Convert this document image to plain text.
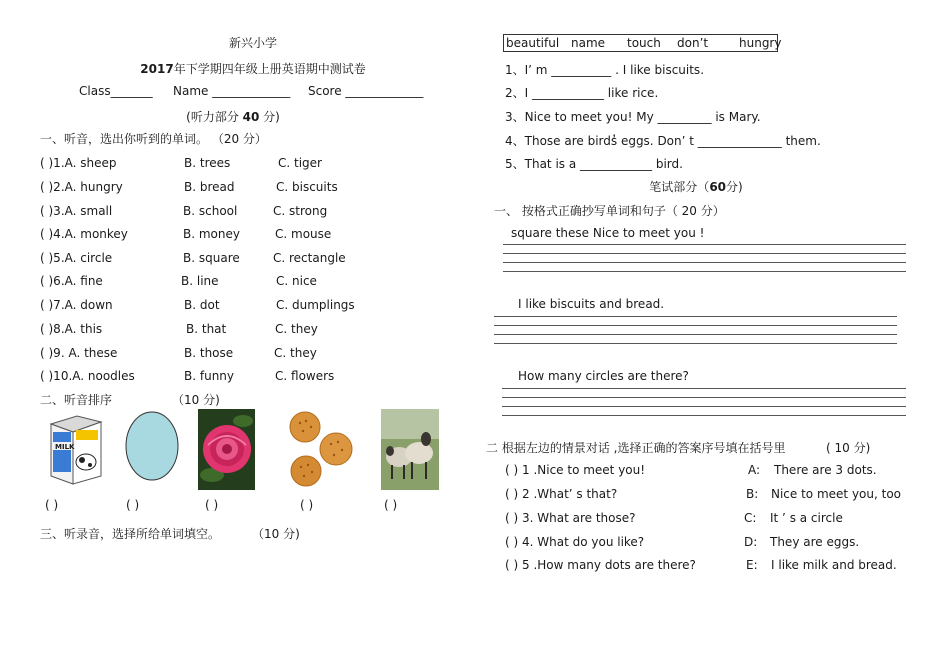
新兴小学
2017年下学期四年级上册英语期中测试卷
Class_______ Name _____________ Score _____________
(听力部分 40 分)
一、听音，选出你听到的单词。 （20 分）
( )1.A. sheep	B. trees	C. tiger
( )2.A. hungry	B. bread	C. biscuits
( )3.A. small	B. school	C. strong
( )4.A. monkey	B. money	C. mouse
( )5.A. circle	B. square	C. rectangle
( )6.A. fine	B. line	C. nice
( )7.A. down	B. dot	C. dumplings
( )8.A. this	B. that	C. they
( )9. A. these	B. those	C. they
( )10.A. noodles	B. funny	C. flowers
二、听音排序	（10 分)
MILK
( )	( )	( )	( )	( )
三、听录音，选择所给单词填空。	（10 分)
beautiful name touch don’t	hungry
1、I’ m __________ . I like biscuits.
2、I ____________ like rice.
3、Nice to meet you! My _________ is Mary.
4、Those are birds̓ eggs. Don’ t ______________ them.
5、That is a ____________ bird.
笔试部分（60分)
一、 按格式正确抄写单词和句子（ 20 分）
square these Nice to meet you !
I like biscuits and bread.
How many circles are there?
二 根据左边的情景对话 ,选择正确的答案序号填在括号里	( 10 分)
( ) 1 .Nice to meet you!	A: There are 3 dots.
( ) 2 .What’ s that?	B: Nice to meet you, too
( ) 3. What are those?	C: It ’ s a circle
( ) 4. What do you like?	D: They are eggs.
( ) 5 .How many dots are there?	E: I like milk and bread.
